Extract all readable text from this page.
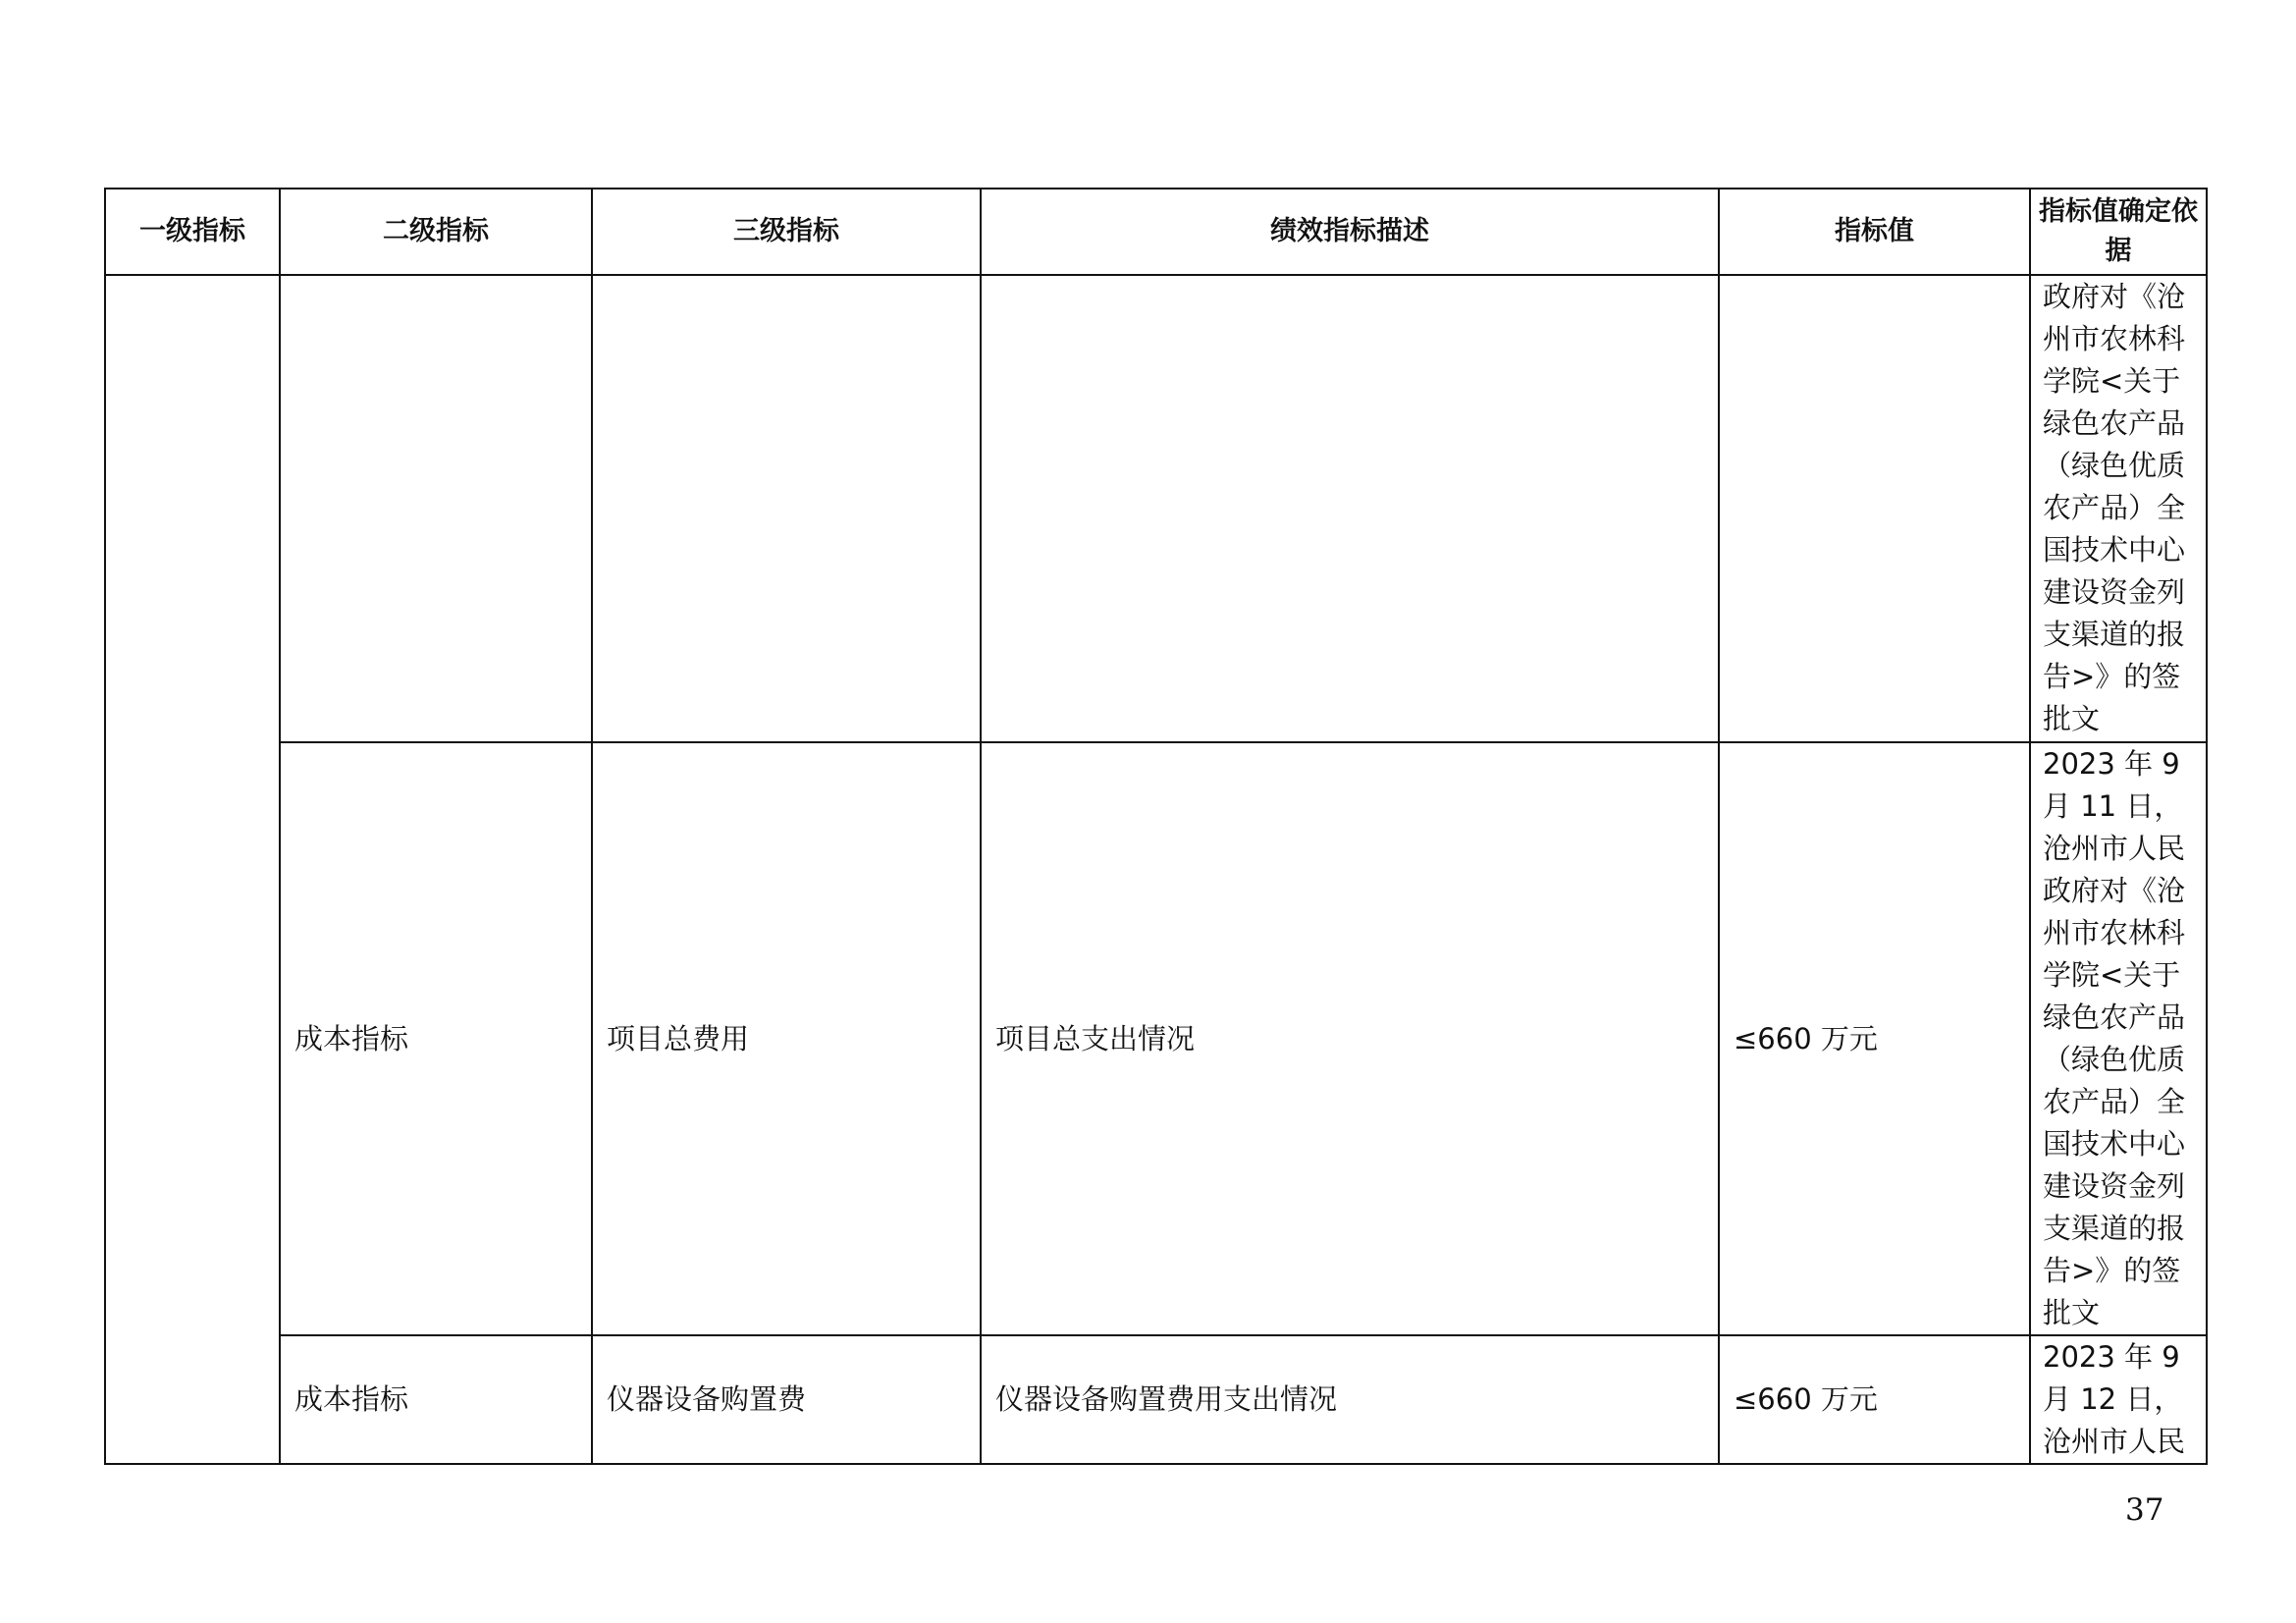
一级指标	二级指标	三级指标	绩效指标描述	指标值	指标值确定依据
					政府对《沧州市农林科学院<关于绿色农产品（绿色优质农产品）全国技术中心建设资金列支渠道的报告>》的签批文
	成本指标	项目总费用	项目总支出情况	≤660 万元	2023 年 9 月 11 日，沧州市人民政府对《沧州市农林科学院<关于绿色农产品（绿色优质农产品）全国技术中心建设资金列支渠道的报告>》的签批文
	成本指标	仪器设备购置费	仪器设备购置费用支出情况	≤660 万元	2023 年 9 月 12 日，沧州市人民
37
